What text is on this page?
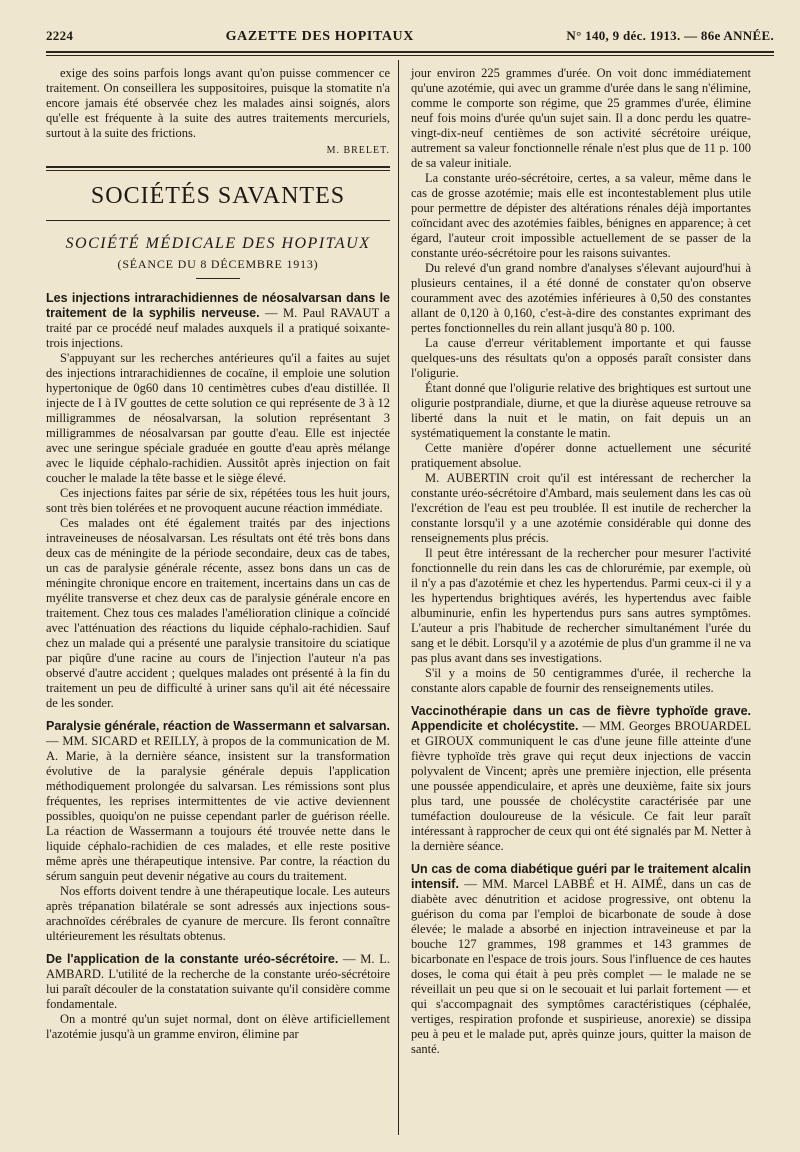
2224	GAZETTE DES HOPITAUX	N° 140, 9 déc. 1913. — 86e ANNÉE.

exige des soins parfois longs avant qu'on puisse commencer ce traitement. On conseillera les suppositoires, puisque la stomatite n'a encore jamais été observée chez les malades ainsi soignés, alors qu'elle est fréquente à la suite des autres traitements mercuriels, surtout à la suite des frictions.

M. BRELET.
SOCIÉTÉS SAVANTES
SOCIÉTÉ MÉDICALE DES HOPITAUX
(SÉANCE DU 8 DÉCEMBRE 1913)

Les injections intrarachidiennes de néosalvarsan dans le traitement de la syphilis nerveuse. — M. Paul RAVAUT a traité par ce procédé neuf malades auxquels il a pratiqué soixante-trois injections.

S'appuyant sur les recherches antérieures qu'il a faites au sujet des injections intrarachidiennes de cocaïne, il emploie une solution hypertonique de 0g60 dans 10 centimètres cubes d'eau distillée. Il injecte de I à IV gouttes de cette solution ce qui représente de 3 à 12 milligrammes de néosalvarsan, la solution représentant 3 milligrammes de néosalvarsan par goutte d'eau. Elle est injectée avec une seringue spéciale graduée en goutte d'eau après mélange avec le liquide céphalo-rachidien. Aussitôt après injection on fait coucher le malade la tête basse et le siège élevé.

Ces injections faites par série de six, répétées tous les huit jours, sont très bien tolérées et ne provoquent aucune réaction immédiate.

Ces malades ont été également traités par des injections intraveineuses de néosalvarsan. Les résultats ont été très bons dans deux cas de méningite de la période secondaire, deux cas de tabes, un cas de paralysie générale récente, assez bons dans un cas de méningite chronique encore en traitement, incertains dans un cas de myélite transverse et chez deux cas de paralysie générale encore en traitement. Chez tous ces malades l'amélioration clinique a coïncidé avec l'atténuation des réactions du liquide céphalo-rachidien. Sauf chez un malade qui a présenté une paralysie transitoire du sciatique par piqûre d'une racine au cours de l'injection l'auteur n'a pas observé d'autre accident ; quelques malades ont présenté à la fin du traitement un peu de difficulté à uriner sans qu'il ait été nécessaire de les sonder.

Paralysie générale, réaction de Wassermann et salvarsan. — MM. SICARD et REILLY, à propos de la communication de M. A. Marie, à la dernière séance, insistent sur la transformation évolutive de la paralysie générale depuis l'application méthodiquement prolongée du salvarsan. Les rémissions sont plus fréquentes, les reprises intermittentes de vie active deviennent possibles, quoiqu'on ne puisse cependant parler de guérison réelle. La réaction de Wassermann a toujours été trouvée nette dans le liquide céphalo-rachidien de ces malades, et elle reste positive même après une thérapeutique intensive. Par contre, la réaction du sérum sanguin peut devenir négative au cours du traitement.

Nos efforts doivent tendre à une thérapeutique locale. Les auteurs après trépanation bilatérale se sont adressés aux injections sous-arachnoïdes cérébrales de cyanure de mercure. Ils feront connaître ultérieurement les résultats obtenus.

De l'application de la constante uréo-sécrétoire. — M. L. AMBARD. L'utilité de la recherche de la constante uréo-sécrétoire lui paraît découler de la constatation suivante qu'il considère comme fondamentale.

On a montré qu'un sujet normal, dont on élève artificiellement l'azotémie jusqu'à un gramme environ, élimine par

jour environ 225 grammes d'urée. On voit donc immédiatement qu'une azotémie, qui avec un gramme d'urée dans le sang n'élimine, comme le comporte son régime, que 25 grammes d'urée, élimine neuf fois moins d'urée qu'un sujet sain. Il a donc perdu les quatre-vingt-dix-neuf centièmes de son activité sécrétoire uréique, autrement sa valeur fonctionnelle rénale n'est plus que de 11 p. 100 de sa valeur initiale.

La constante uréo-sécrétoire, certes, a sa valeur, même dans le cas de grosse azotémie; mais elle est incontestablement plus utile pour permettre de dépister des altérations rénales déjà importantes coïncidant avec des azotémies faibles, bénignes en apparence; à cet égard, l'auteur croit impossible actuellement de se passer de la constante uréo-sécrétoire pour les raisons suivantes.

Du relevé d'un grand nombre d'analyses s'élevant aujourd'hui à plusieurs centaines, il a été donné de constater qu'on observe couramment avec des azotémies inférieures à 0,50 des constantes allant de 0,120 à 0,160, c'est-à-dire des constantes exprimant des pertes fonctionnelles du rein allant jusqu'à 80 p. 100.

La cause d'erreur véritablement importante et qui fausse quelques-uns des résultats qu'on a opposés paraît consister dans l'oligurie.

Étant donné que l'oligurie relative des brightiques est surtout une oligurie postprandiale, diurne, et que la diurèse aqueuse retrouve sa liberté dans la nuit et le matin, on fait depuis un an systématiquement la constante le matin.

Cette manière d'opérer donne actuellement une sécurité pratiquement absolue.

M. AUBERTIN croit qu'il est intéressant de rechercher la constante uréo-sécrétoire d'Ambard, mais seulement dans les cas où l'excrétion de l'eau est peu troublée. Il est inutile de rechercher la constante lorsqu'il y a une azotémie considérable qui donne des renseignements plus précis.

Il peut être intéressant de la rechercher pour mesurer l'activité fonctionnelle du rein dans les cas de chlorurémie, par exemple, où il n'y a pas d'azotémie et chez les hypertendus. Parmi ceux-ci il y a les hypertendus brightiques avérés, les hypertendus avec faible albuminurie, enfin les hypertendus purs sans autres symptômes. L'auteur a pris l'habitude de rechercher simultanément l'urée du sang et le débit. Lorsqu'il y a azotémie de plus d'un gramme il ne va pas plus avant dans ses investigations.

S'il y a moins de 50 centigrammes d'urée, il recherche la constante alors capable de fournir des renseignements utiles.

Vaccinothérapie dans un cas de fièvre typhoïde grave. Appendicite et cholécystite. — MM. Georges BROUARDEL et GIROUX communiquent le cas d'une jeune fille atteinte d'une fièvre typhoïde très grave qui reçut deux injections de vaccin polyvalent de Vincent; après une première injection, elle présenta une poussée appendiculaire, et après une deuxième, faite six jours plus tard, une poussée de cholécystite caractérisée par une tuméfaction douloureuse de la vésicule. Ce fait leur paraît intéressant à rapprocher de ceux qui ont été signalés par M. Netter à la dernière séance.

Un cas de coma diabétique guéri par le traitement alcalin intensif. — MM. Marcel LABBÉ et H. AIMÉ, dans un cas de diabète avec dénutrition et acidose progressive, ont obtenu la guérison du coma par l'emploi de bicarbonate de soude à dose élevée; le malade a absorbé en injection intraveineuse et par la bouche 127 grammes, 198 grammes et 143 grammes de bicarbonate en l'espace de trois jours. Sous l'influence de ces hautes doses, le coma qui était à peu près complet — le malade ne se réveillait un peu que si on le secouait et lui parlait fortement — et qui s'accompagnait des symptômes caractéristiques (céphalée, vertiges, respiration profonde et suspirieuse, anorexie) se dissipa peu à peu et le malade put, après quinze jours, quitter la maison de santé.
